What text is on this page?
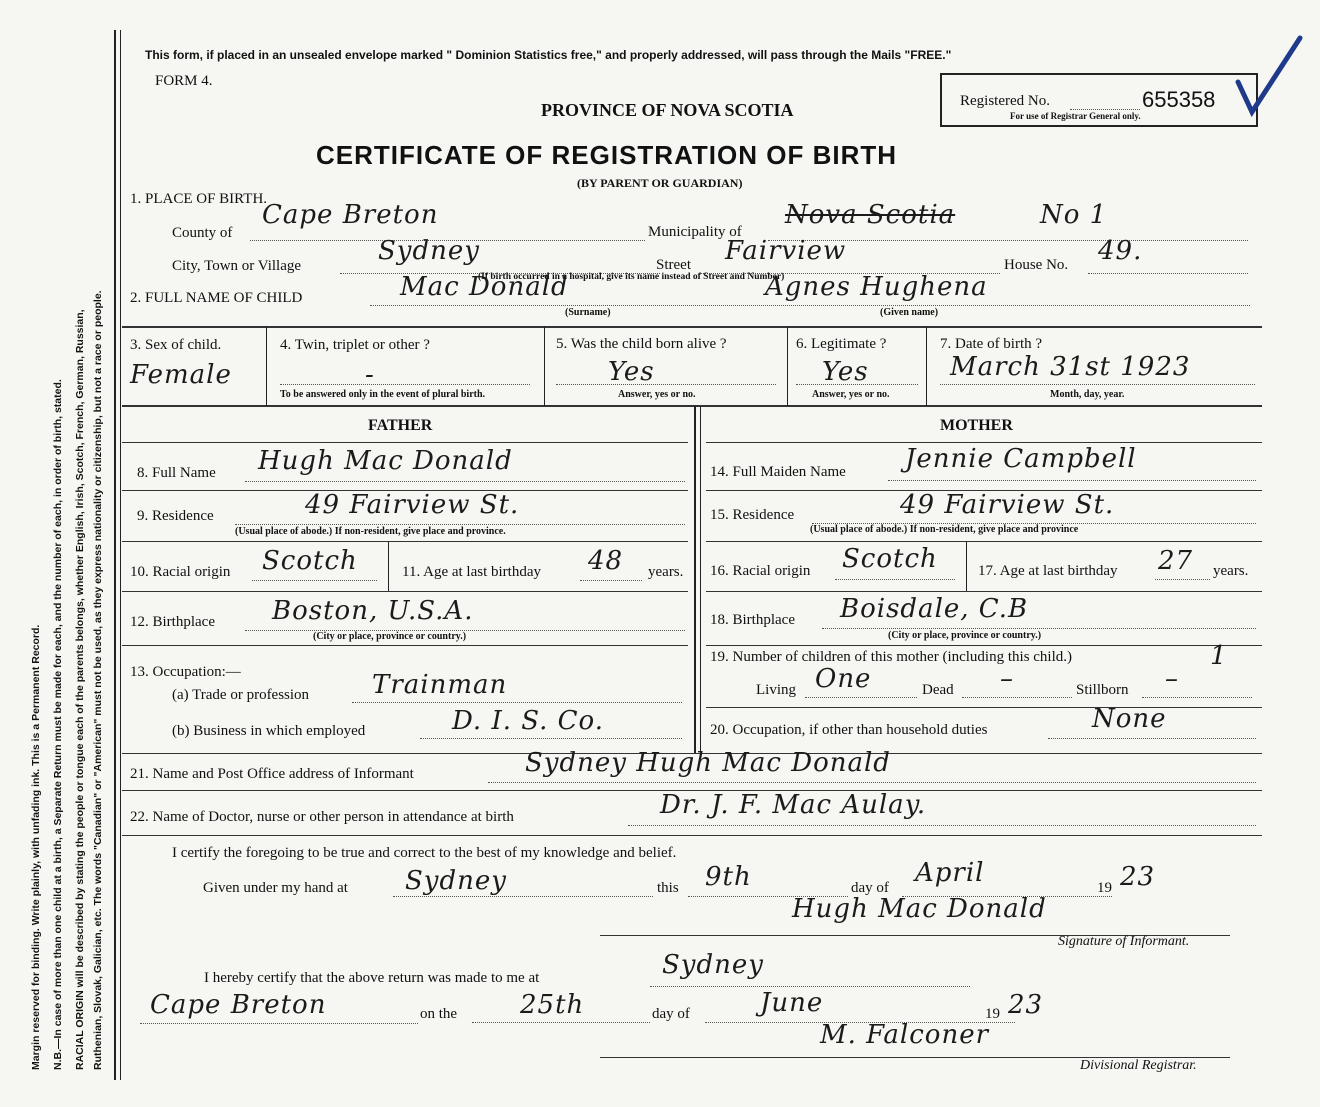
Margin reserved for binding. Write plainly, with unfading ink. This is a Permanent Record. N.B.—In case of more than one child at a birth, a Separate Return must be made for each, and the number of each, in order of birth, stated. RACIAL ORIGIN will be described by stating the people or tongue each of the parents belongs, whether English, Irish, Scotch, French, German, Russian, Ruthenian, Slovak, Galician, etc. The words "Canadian" or "American" must not be used, as they express nationality or citizenship, but not a race or people.
This form, if placed in an unsealed envelope marked " Dominion Statistics free," and properly addressed, will pass through the Mails "FREE."
FORM 4.
PROVINCE OF NOVA SCOTIA	Registered No.	655358
For use of Registrar General only.
CERTIFICATE OF REGISTRATION OF BIRTH
(BY PARENT OR GUARDIAN)
1. PLACE OF BIRTH.
County of
Cape Breton
Municipality of
Nova Scotia	No 1
City, Town or Village	Sydney	Street Fairview	House No. 49.
(If birth occurred in a hospital, give its name instead of Street and Number)
2. FULL NAME OF CHILD	Mac Donald	Agnes Hughena
(Surname)	(Given name)
3. Sex of child.
Female
4. Twin, triplet or other ?
-
To be answered only in the event of plural birth.
5. Was the child born alive ?
Yes
Answer, yes or no.
6. Legitimate ?
Yes
Answer, yes or no.
7. Date of birth ?
March 31st 1923
Month, day, year.
FATHER	MOTHER
8. Full Name Hugh Mac Donald
9. Residence	49 Fairview St.
(Usual place of abode.) If non-resident, give place and province.
10. Racial origin Scotch	11. Age at last birthday 48 years.
12. Birthplace Boston, U.S.A.
(City or place, province or country.)
13. Occupation:—
(a) Trade or profession Trainman
(b) Business in which employed	D. I. S. Co.
14. Full Maiden Name Jennie Campbell
15. Residence	49 Fairview St.
(Usual place of abode.) If non-resident, give place and province
16. Racial origin Scotch	17. Age at last birthday 27 years.
18. Birthplace Boisdale, C.B
(City or place, province or country.)
19. Number of children of this mother (including this child.)	1
Living One	Dead –	Stillborn –
20. Occupation, if other than household duties	None
21. Name and Post Office address of Informant	Sydney Hugh Mac Donald
22. Name of Doctor, nurse or other person in attendance at birth	Dr. J. F. Mac Aulay.
I certify the foregoing to be true and correct to the best of my knowledge and belief.
Given under my hand at Sydney	this 9th	day of April	19 23
Hugh Mac Donald
Signature of Informant.
I hereby certify that the above return was made to me at	Sydney
Cape Breton	on the 25th	day of	June	19 23
M. Falconer
Divisional Registrar.
